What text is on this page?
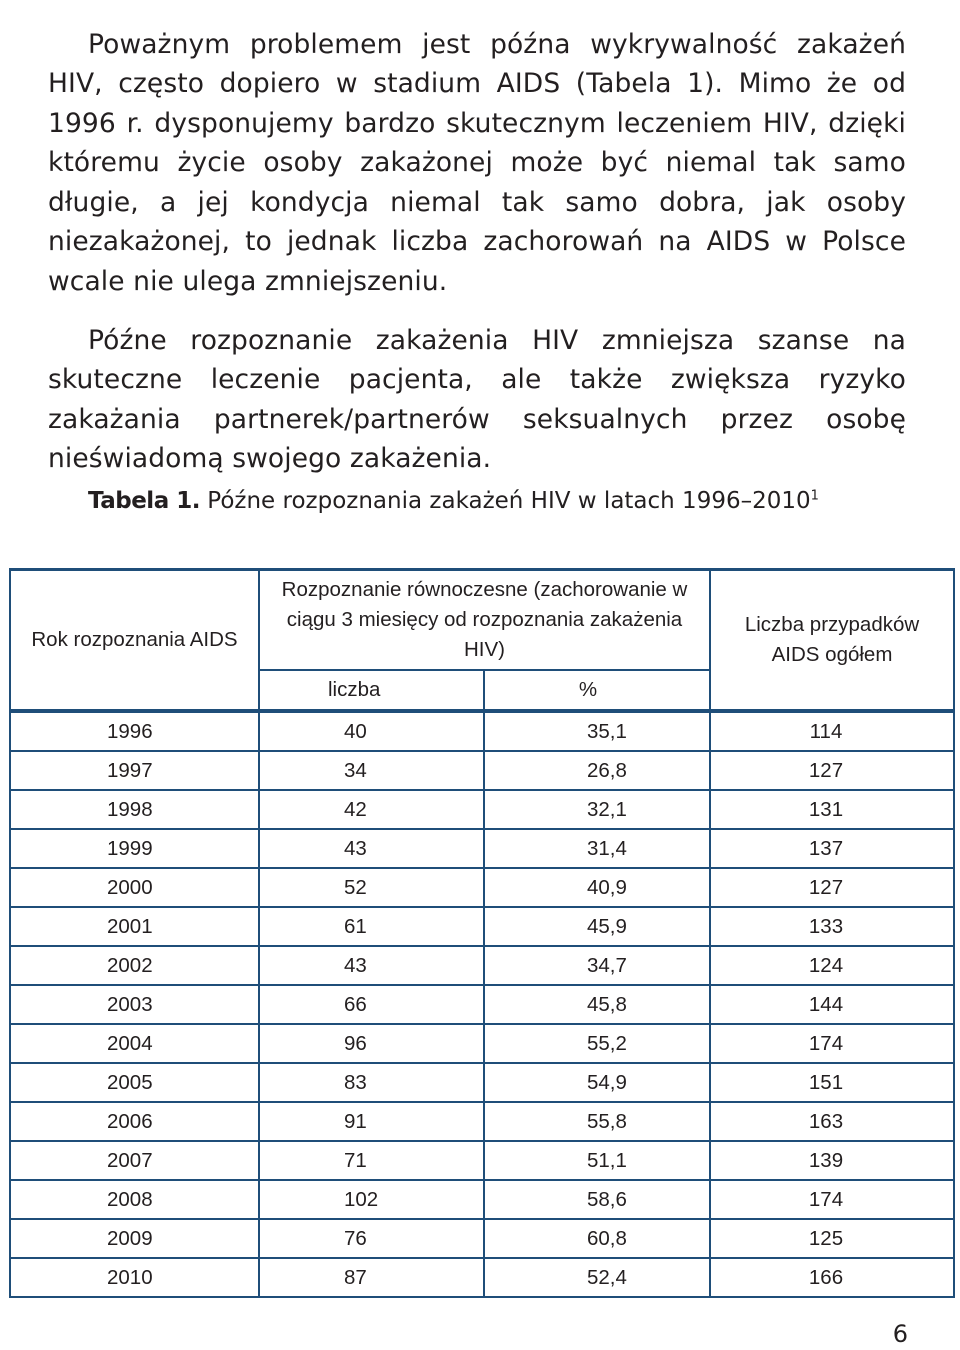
Poważnym problemem jest późna wykrywalność zakażeń HIV, często dopiero w stadium AIDS (Tabela 1). Mimo że od 1996 r. dysponujemy bardzo skutecznym leczeniem HIV, dzięki któremu życie osoby zakażonej może być niemal tak samo długie, a jej kondycja niemal tak samo dobra, jak osoby niezakażonej, to jednak liczba zachorowań na AIDS w Polsce wcale nie ulega zmniejszeniu.

Późne rozpoznanie zakażenia HIV zmniejsza szanse na skuteczne leczenie pacjenta, ale także zwiększa ryzyko zakażania partnerek/partnerów seksualnych przez osobę nieświadomą swojego zakażenia.

Tabela 1. Późne rozpoznania zakażeń HIV w latach 1996–2010$^1$
Rok rozpoznania AIDS	Rozpoznanie równoczesne (zachorowanie w ciągu 3 miesięcy od rozpoznania zakażenia HIV)		Liczba przypadków AIDS ogółem
	liczba	%	
1996	40	35,1	114
1997	34	26,8	127
1998	42	32,1	131
1999	43	31,4	137
2000	52	40,9	127
2001	61	45,9	133
2002	43	34,7	124
2003	66	45,8	144
2004	96	55,2	174
2005	83	54,9	151
2006	91	55,8	163
2007	71	51,1	139
2008	102	58,6	174
2009	76	60,8	125
2010	87	52,4	166
6
